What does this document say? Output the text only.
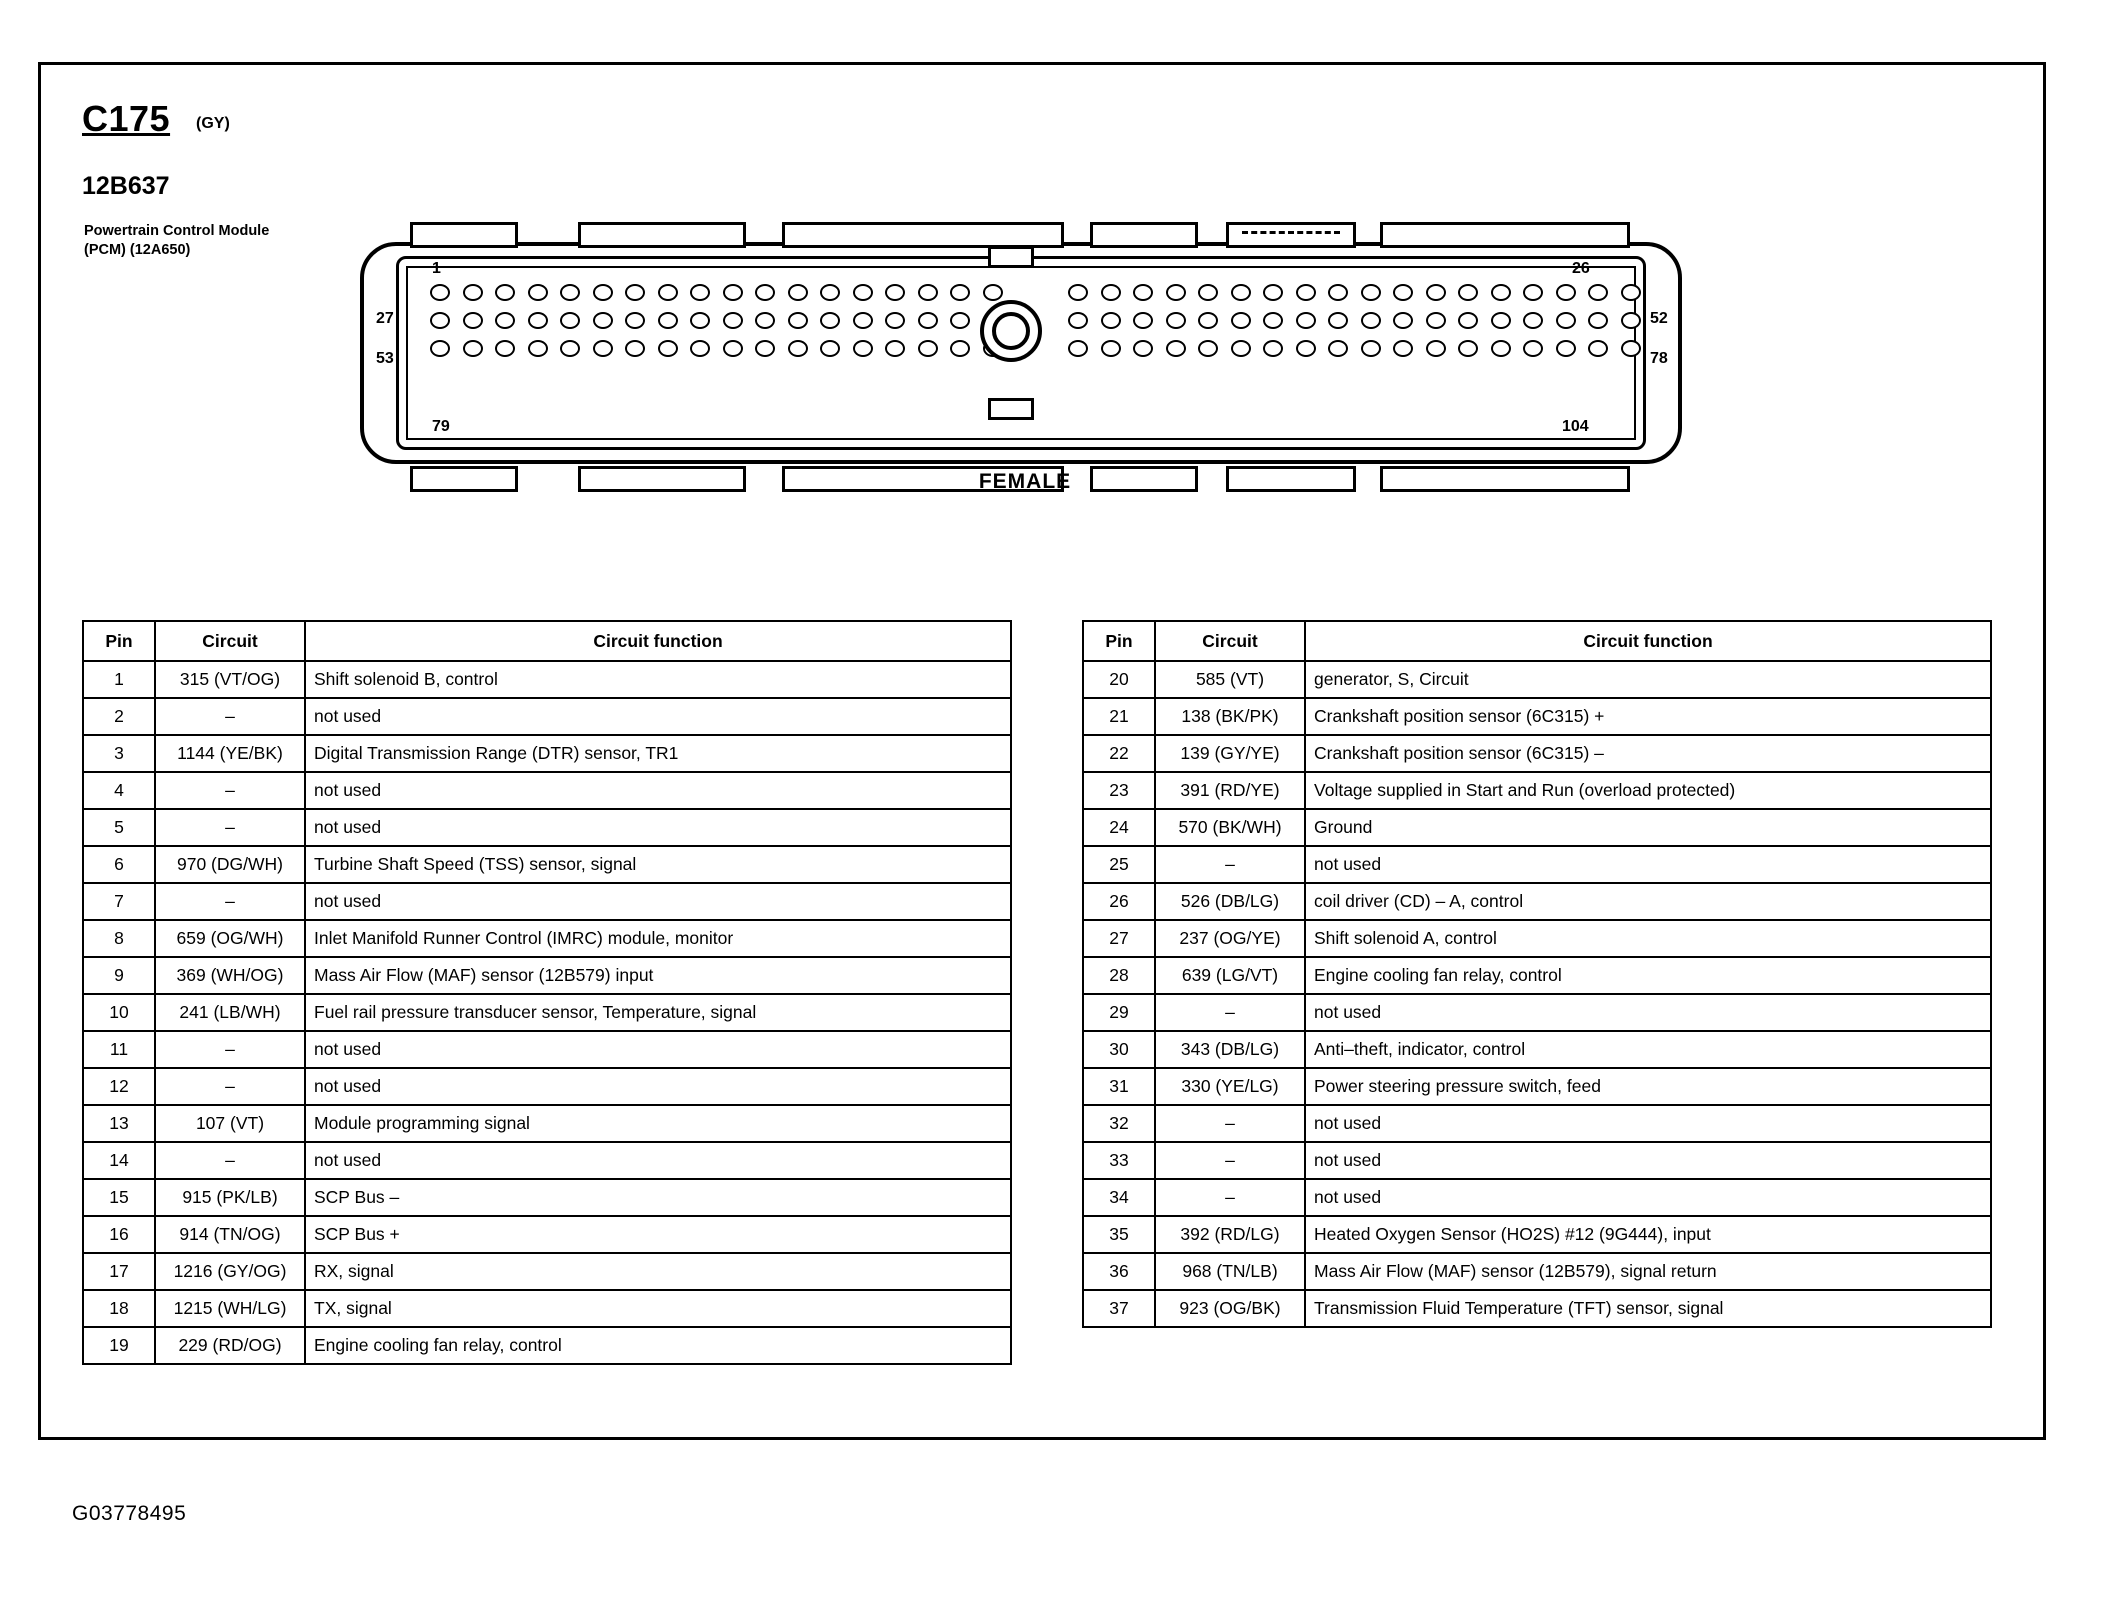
C175 (GY)
12B637
Powertrain Control Module (PCM) (12A650)
1	26
27
53
52
78
79	104
FEMALE
Pin	Circuit	Circuit function
1	315 (VT/OG)	Shift solenoid B, control
2	–	not used
3	1144 (YE/BK)	Digital Transmission Range (DTR) sensor, TR1
4	–	not used
5	–	not used
6	970 (DG/WH)	Turbine Shaft Speed (TSS) sensor, signal
7	–	not used
8	659 (OG/WH)	Inlet Manifold Runner Control (IMRC) module, monitor
9	369 (WH/OG)	Mass Air Flow (MAF) sensor (12B579) input
10	241 (LB/WH)	Fuel rail pressure transducer sensor, Temperature, signal
11	–	not used
12	–	not used
13	107 (VT)	Module programming signal
14	–	not used
15	915 (PK/LB)	SCP Bus –
16	914 (TN/OG)	SCP Bus +
17	1216 (GY/OG)	RX, signal
18	1215 (WH/LG)	TX, signal
19	229 (RD/OG)	Engine cooling fan relay, control
Pin	Circuit	Circuit function
20	585 (VT)	generator, S, Circuit
21	138 (BK/PK)	Crankshaft position sensor (6C315) +
22	139 (GY/YE)	Crankshaft position sensor (6C315) –
23	391 (RD/YE)	Voltage supplied in Start and Run (overload protected)
24	570 (BK/WH)	Ground
25	–	not used
26	526 (DB/LG)	coil driver (CD) – A, control
27	237 (OG/YE)	Shift solenoid A, control
28	639 (LG/VT)	Engine cooling fan relay, control
29	–	not used
30	343 (DB/LG)	Anti–theft, indicator, control
31	330 (YE/LG)	Power steering pressure switch, feed
32	–	not used
33	–	not used
34	–	not used
35	392 (RD/LG)	Heated Oxygen Sensor (HO2S) #12 (9G444), input
36	968 (TN/LB)	Mass Air Flow (MAF) sensor (12B579), signal return
37	923 (OG/BK)	Transmission Fluid Temperature (TFT) sensor, signal
G03778495
